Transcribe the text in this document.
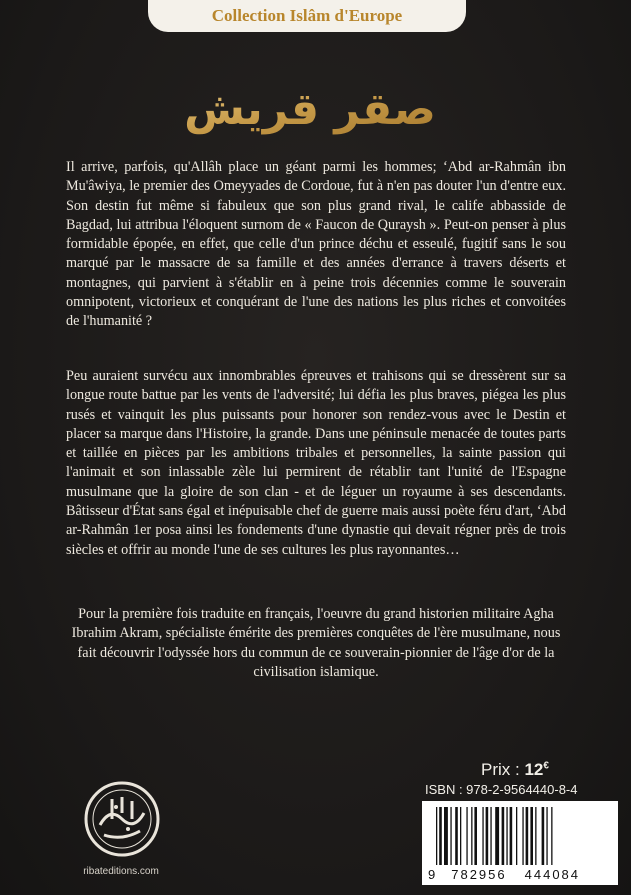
Collection Islâm d'Europe
صقر قريش
Il arrive, parfois, qu'Allâh place un géant parmi les hommes; ‘Abd ar-Rahmân ibn Mu'âwiya, le premier des Omeyyades de Cordoue, fut à n'en pas douter l'un d'entre eux. Son destin fut même si fabuleux que son plus grand rival, le calife abbasside de Bagdad, lui attribua l'éloquent surnom de « Faucon de Quraysh ». Peut-on penser à plus formidable épopée, en effet, que celle d'un prince déchu et esseulé, fugitif sans le sou marqué par le massacre de sa famille et des années d'errance à travers déserts et montagnes, qui parvient à s'établir en à peine trois décennies comme le souverain omnipotent, victorieux et conquérant de l'une des nations les plus riches et convoitées de l'humanité ?
Peu auraient survécu aux innombrables épreuves et trahisons qui se dressèrent sur sa longue route battue par les vents de l'adversité; lui défia les plus braves, piégea les plus rusés et vainquit les plus puissants pour honorer son rendez-vous avec le Destin et placer sa marque dans l'Histoire, la grande. Dans une péninsule menacée de toutes parts et taillée en pièces par les ambitions tribales et personnelles, la sainte passion qui l'animait et son inlassable zèle lui permirent de rétablir tant l'unité de l'Espagne musulmane que la gloire de son clan - et de léguer un royaume à ses descendants. Bâtisseur d'État sans égal et inépuisable chef de guerre mais aussi poète féru d'art, ‘Abd ar-Rahmân 1er posa ainsi les fondements d'une dynastie qui devait régner près de trois siècles et offrir au monde l'une de ses cultures les plus rayonnantes…
Pour la première fois traduite en français, l'oeuvre du grand historien militaire Agha Ibrahim Akram, spécialiste émérite des premières conquêtes de l'ère musulmane, nous fait découvrir l'odyssée hors du commun de ce souverain-pionnier de l'âge d'or de la civilisation islamique.
ribateditions.com
Prix : 12€
ISBN : 978-2-9564440-8-4
9 782956 444084
